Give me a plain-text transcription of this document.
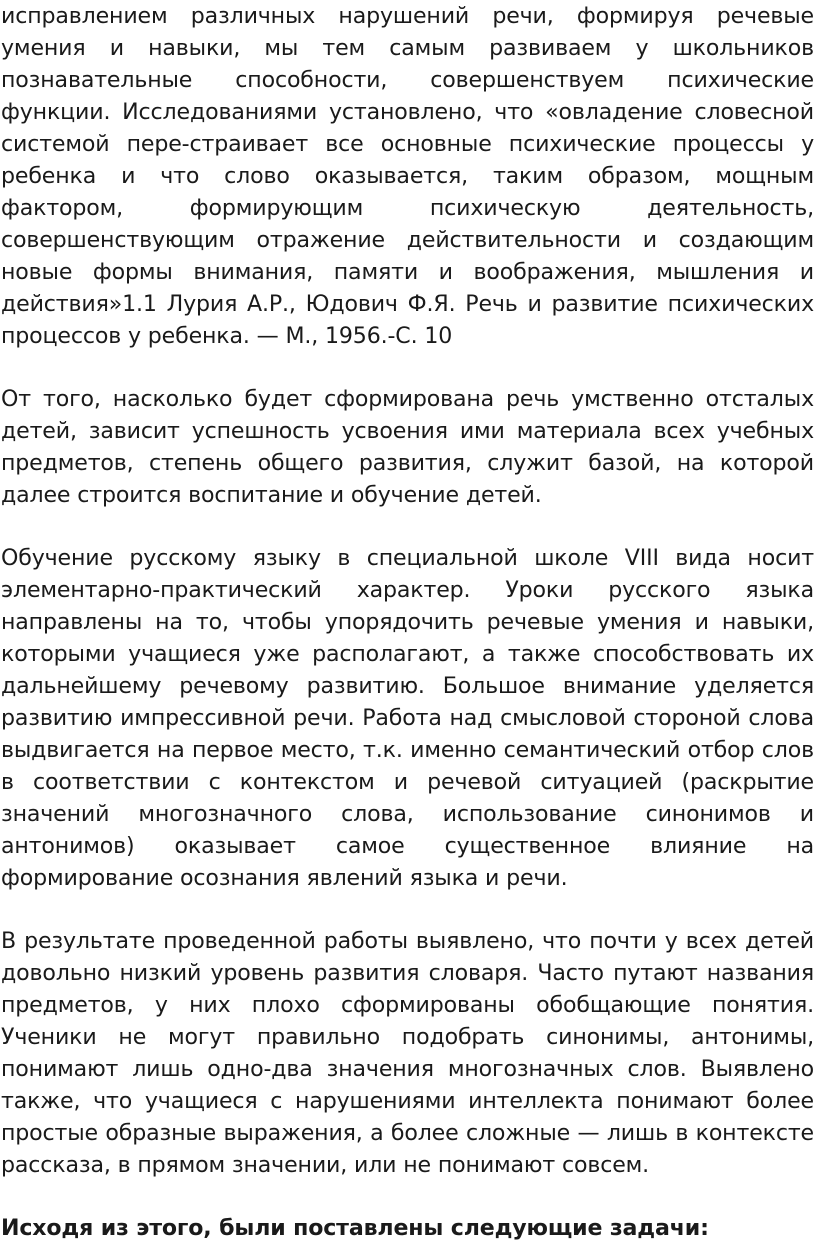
исправлением различных нарушений речи, формируя речевые умения и навыки, мы тем самым развиваем у школьников познавательные способности, совершенствуем психические функции. Исследованиями установлено, что «овладение словесной системой пере-страивает все основные психические процессы у ребенка и что слово оказывается, таким образом, мощным фактором, формирующим психическую деятельность, совершенствующим отражение действительности и создающим новые формы внимания, памяти и воображения, мышления и действия»1.1 Лурия А.Р., Юдович Ф.Я. Речь и развитие психических процессов у ребенка. — М., 1956.-С. 10

От того, насколько будет сформирована речь умственно отсталых детей, зависит успешность усвоения ими материала всех учебных предметов, степень общего развития, служит базой, на которой далее строится воспитание и обучение детей.

Обучение русскому языку в специальной школе VIII вида носит элементарно-практический характер. Уроки русского языка направлены на то, чтобы упорядочить речевые умения и навыки, которыми учащиеся уже располагают, а также способствовать их дальнейшему речевому развитию. Большое внимание уделяется развитию импрессивной речи. Работа над смысловой стороной слова выдвигается на первое место, т.к. именно семантический отбор слов в соответствии с контекстом и речевой ситуацией (раскрытие значений многозначного слова, использование синонимов и антонимов) оказывает самое существенное влияние на формирование осознания явлений языка и речи.

В результате проведенной работы выявлено, что почти у всех детей довольно низкий уровень развития словаря. Часто путают названия предметов, у них плохо сформированы обобщающие понятия. Ученики не могут правильно подобрать синонимы, антонимы, понимают лишь одно-два значения многозначных слов. Выявлено также, что учащиеся с нарушениями интеллекта понимают более простые образные выражения, а более сложные — лишь в контексте рассказа, в прямом значении, или не понимают совсем.

Исходя из этого, были поставлены следующие задачи:
